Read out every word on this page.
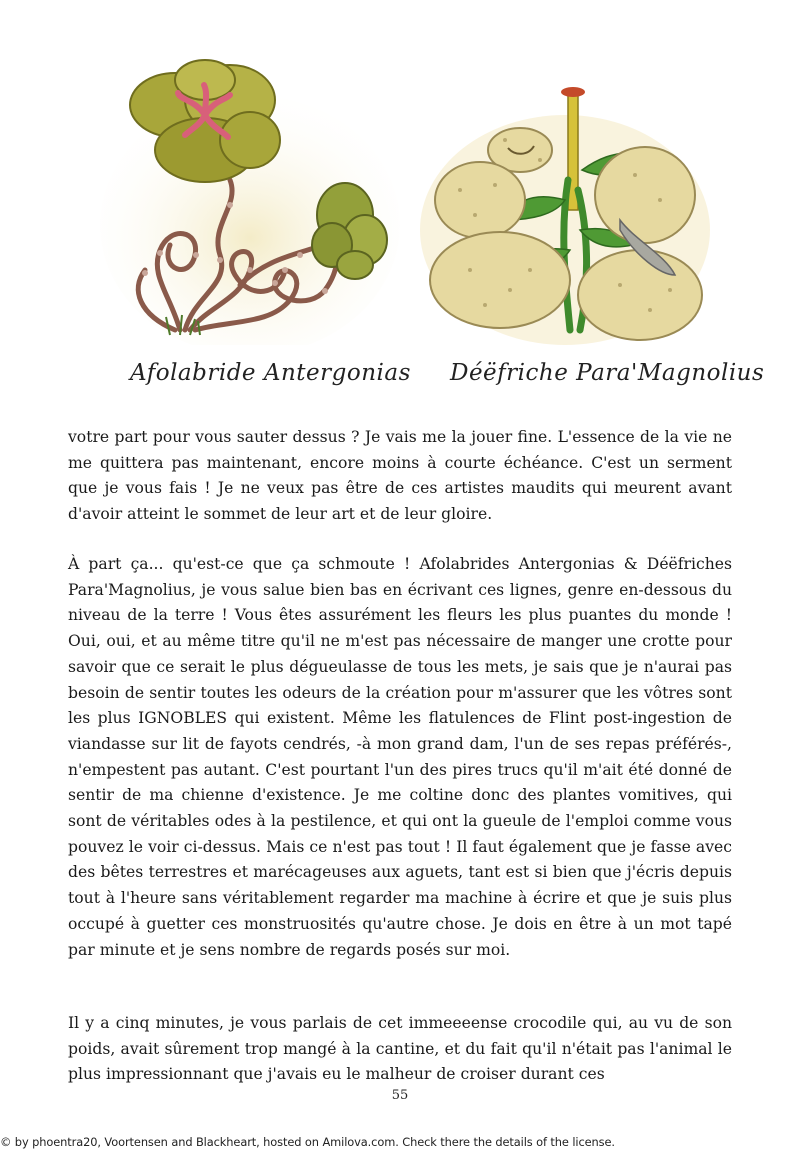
Afolabride Antergonias Déëfriche Para'Magnolius

votre part pour vous sauter dessus ? Je vais me la jouer fine. L'essence de la vie ne me quittera pas maintenant, encore moins à courte échéance. C'est un serment que je vous fais ! Je ne veux pas être de ces artistes maudits qui meurent avant d'avoir atteint le sommet de leur art et de leur gloire.

À part ça... qu'est-ce que ça schmoute ! Afolabrides Antergonias & Déëfriches Para'Magnolius, je vous salue bien bas en écrivant ces lignes, genre en-dessous du niveau de la terre ! Vous êtes assurément les fleurs les plus puantes du monde ! Oui, oui, et au même titre qu'il ne m'est pas nécessaire de manger une crotte pour savoir que ce serait le plus dégueulasse de tous les mets, je sais que je n'aurai pas besoin de sentir toutes les odeurs de la création pour m'assurer que les vôtres sont les plus IGNOBLES qui existent. Même les flatulences de Flint post-ingestion de viandasse sur lit de fayots cendrés, -à mon grand dam, l'un de ses repas préférés-, n'empestent pas autant. C'est pourtant l'un des pires trucs qu'il m'ait été donné de sentir de ma chienne d'existence. Je me coltine donc des plantes vomitives, qui sont de véritables odes à la pestilence, et qui ont la gueule de l'emploi comme vous pouvez le voir ci-dessus. Mais ce n'est pas tout ! Il faut également que je fasse avec des bêtes terrestres et marécageuses aux aguets, tant est si bien que j'écris depuis tout à l'heure sans véritablement regarder ma machine à écrire et que je suis plus occupé à guetter ces monstruosités qu'autre chose. Je dois en être à un mot tapé par minute et je sens nombre de regards posés sur moi.

Il y a cinq minutes, je vous parlais de cet immeeeense crocodile qui, au vu de son poids, avait sûrement trop mangé à la cantine, et du fait qu'il n'était pas l'animal le plus impressionnant que j'avais eu le malheur de croiser durant ces

55
© by phoentra20, Voortensen and Blackheart, hosted on Amilova.com. Check there the details of the license.
